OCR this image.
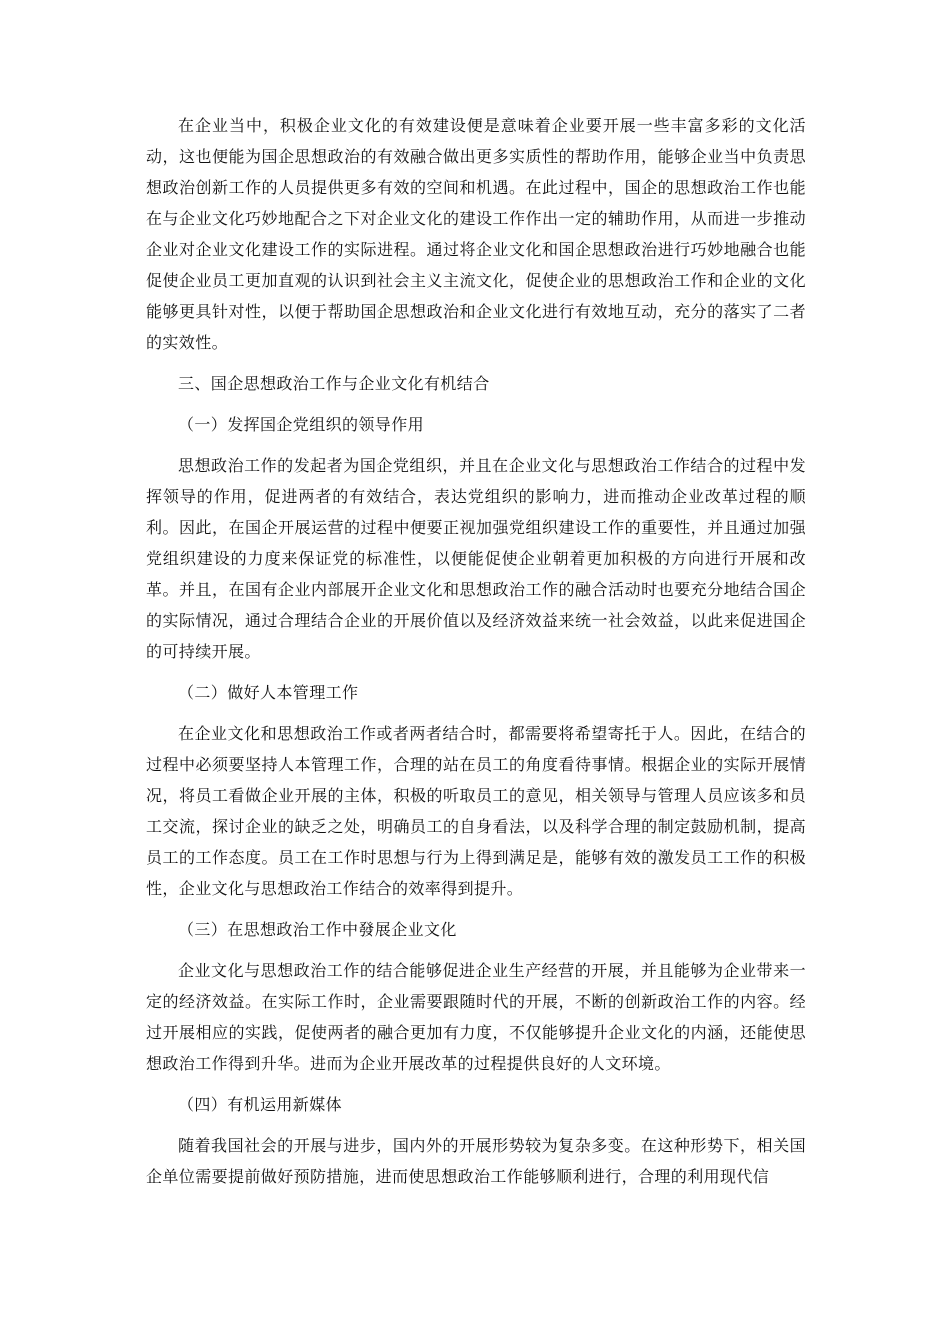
在企业当中，积极企业文化的有效建设便是意味着企业要开展一些丰富多彩的文化活动，这也便能为国企思想政治的有效融合做出更多实质性的帮助作用，能够企业当中负责思想政治创新工作的人员提供更多有效的空间和机遇。在此过程中，国企的思想政治工作也能在与企业文化巧妙地配合之下对企业文化的建设工作作出一定的辅助作用，从而进一步推动企业对企业文化建设工作的实际进程。通过将企业文化和国企思想政治进行巧妙地融合也能促使企业员工更加直观的认识到社会主义主流文化，促使企业的思想政治工作和企业的文化能够更具针对性，以便于帮助国企思想政治和企业文化进行有效地互动，充分的落实了二者的实效性。

三、国企思想政治工作与企业文化有机结合

（一）发挥国企党组织的领导作用

思想政治工作的发起者为国企党组织，并且在企业文化与思想政治工作结合的过程中发挥领导的作用，促进两者的有效结合，表达党组织的影响力，进而推动企业改革过程的顺利。因此，在国企开展运营的过程中便要正视加强党组织建设工作的重要性，并且通过加强党组织建设的力度来保证党的标准性，以便能促使企业朝着更加积极的方向进行开展和改革。并且，在国有企业内部展开企业文化和思想政治工作的融合活动时也要充分地结合国企的实际情况，通过合理结合企业的开展价值以及经济效益来统一社会效益，以此来促进国企的可持续开展。

（二）做好人本管理工作

在企业文化和思想政治工作或者两者结合时，都需要将希望寄托于人。因此，在结合的过程中必须要坚持人本管理工作，合理的站在员工的角度看待事情。根据企业的实际开展情况，将员工看做企业开展的主体，积极的听取员工的意见，相关领导与管理人员应该多和员工交流，探讨企业的缺乏之处，明确员工的自身看法，以及科学合理的制定鼓励机制，提高员工的工作态度。员工在工作时思想与行为上得到满足是，能够有效的激发员工工作的积极性，企业文化与思想政治工作结合的效率得到提升。

（三）在思想政治工作中發展企业文化

企业文化与思想政治工作的结合能够促进企业生产经营的开展，并且能够为企业带来一定的经济效益。在实际工作时，企业需要跟随时代的开展，不断的创新政治工作的内容。经过开展相应的实践，促使两者的融合更加有力度，不仅能够提升企业文化的内涵，还能使思想政治工作得到升华。进而为企业开展改革的过程提供良好的人文环境。

（四）有机运用新媒体

随着我国社会的开展与进步，国内外的开展形势较为复杂多变。在这种形势下，相关国企单位需要提前做好预防措施，进而使思想政治工作能够顺利进行，合理的利用现代信
